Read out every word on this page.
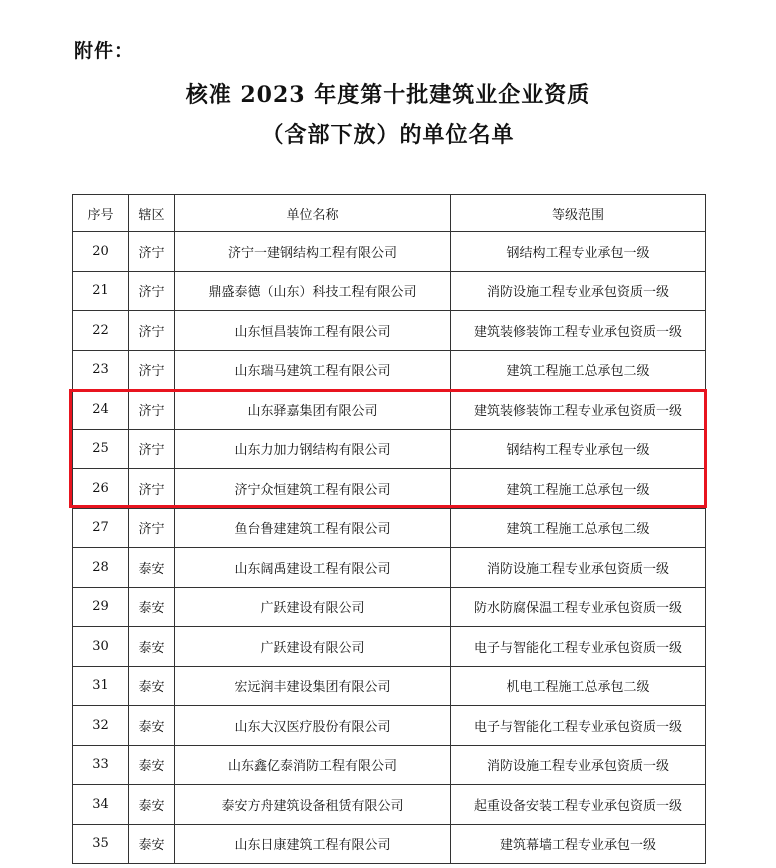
附件：
核准 2023 年度第十批建筑业企业资质
（含部下放）的单位名单
序号	辖区	单位名称	等级范围
20	济宁	济宁一建钢结构工程有限公司	钢结构工程专业承包一级
21	济宁	鼎盛泰德（山东）科技工程有限公司	消防设施工程专业承包资质一级
22	济宁	山东恒昌装饰工程有限公司	建筑装修装饰工程专业承包资质一级
23	济宁	山东瑞马建筑工程有限公司	建筑工程施工总承包二级
24	济宁	山东驿嘉集团有限公司	建筑装修装饰工程专业承包资质一级
25	济宁	山东力加力钢结构有限公司	钢结构工程专业承包一级
26	济宁	济宁众恒建筑工程有限公司	建筑工程施工总承包一级
27	济宁	鱼台鲁建建筑工程有限公司	建筑工程施工总承包二级
28	泰安	山东阔禹建设工程有限公司	消防设施工程专业承包资质一级
29	泰安	广跃建设有限公司	防水防腐保温工程专业承包资质一级
30	泰安	广跃建设有限公司	电子与智能化工程专业承包资质一级
31	泰安	宏远润丰建设集团有限公司	机电工程施工总承包二级
32	泰安	山东大汉医疗股份有限公司	电子与智能化工程专业承包资质一级
33	泰安	山东鑫亿泰消防工程有限公司	消防设施工程专业承包资质一级
34	泰安	泰安方舟建筑设备租赁有限公司	起重设备安装工程专业承包资质一级
35	泰安	山东日康建筑工程有限公司	建筑幕墙工程专业承包一级
